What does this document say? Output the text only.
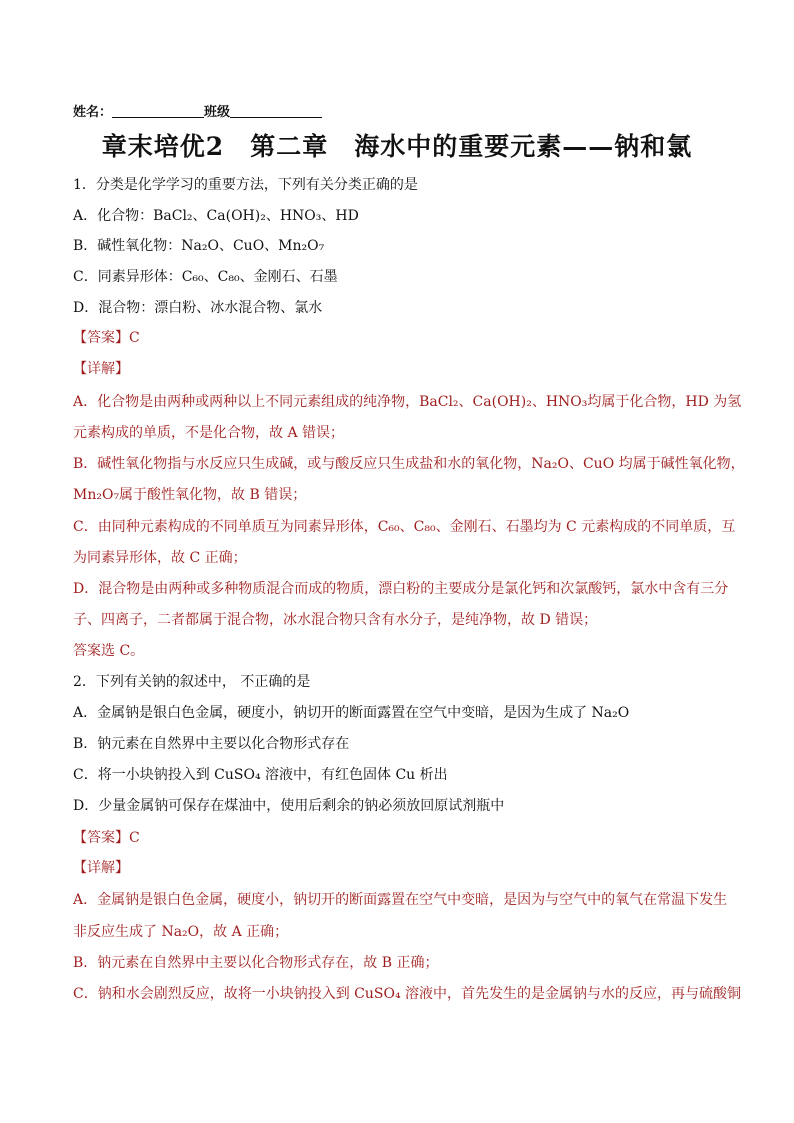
姓名：	班级
章末培优2　第二章　海水中的重要元素——钠和氯
1．分类是化学学习的重要方法，下列有关分类正确的是
A．化合物：BaCl₂、Ca(OH)₂、HNO₃、HD
B．碱性氧化物：Na₂O、CuO、Mn₂O₇
C．同素异形体：C₆₀、C₈₀、金刚石、石墨
D．混合物：漂白粉、冰水混合物、氯水
【答案】C
【详解】
A．化合物是由两种或两种以上不同元素组成的纯净物，BaCl₂、Ca(OH)₂、HNO₃均属于化合物，HD 为氢
元素构成的单质，不是化合物，故 A 错误；
B．碱性氧化物指与水反应只生成碱，或与酸反应只生成盐和水的氧化物，Na₂O、CuO 均属于碱性氧化物，
Mn₂O₇属于酸性氧化物，故 B 错误；
C．由同种元素构成的不同单质互为同素异形体，C₆₀、C₈₀、金刚石、石墨均为 C 元素构成的不同单质，互
为同素异形体，故 C 正确；
D．混合物是由两种或多种物质混合而成的物质，漂白粉的主要成分是氯化钙和次氯酸钙，氯水中含有三分
子、四离子，二者都属于混合物，冰水混合物只含有水分子，是纯净物，故 D 错误；
答案选 C。
2．下列有关钠的叙述中， 不正确的是
A．金属钠是银白色金属，硬度小，钠切开的断面露置在空气中变暗，是因为生成了 Na₂O
B．钠元素在自然界中主要以化合物形式存在
C．将一小块钠投入到 CuSO₄ 溶液中，有红色固体 Cu 析出
D．少量金属钠可保存在煤油中，使用后剩余的钠必须放回原试剂瓶中
【答案】C
【详解】
A．金属钠是银白色金属，硬度小，钠切开的断面露置在空气中变暗，是因为与空气中的氧气在常温下发生
非反应生成了 Na₂O，故 A 正确；
B．钠元素在自然界中主要以化合物形式存在，故 B 正确；
C．钠和水会剧烈反应，故将一小块钠投入到 CuSO₄ 溶液中，首先发生的是金属钠与水的反应，再与硫酸铜
